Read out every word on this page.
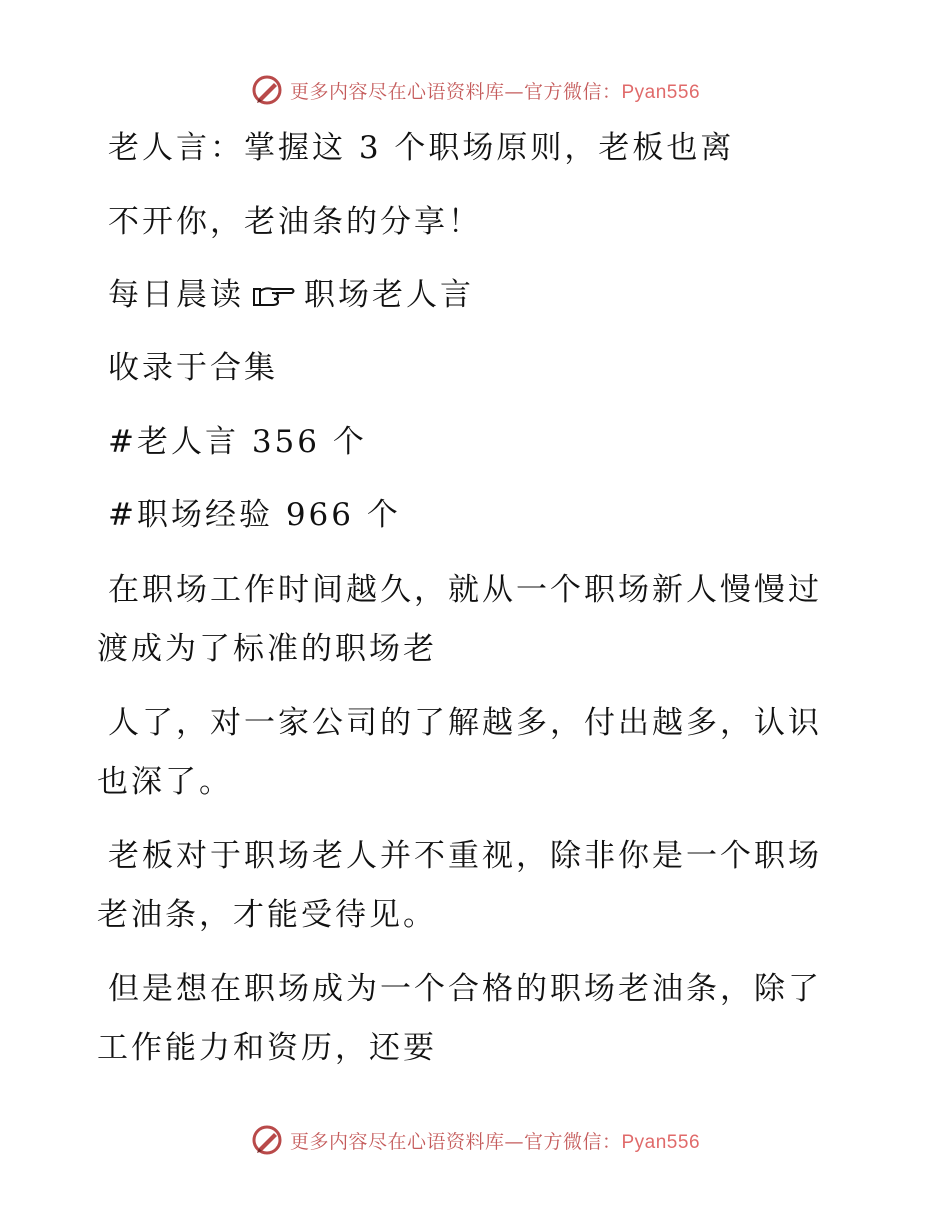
更多内容尽在心语资料库—官方微信：Pyan556
老人言：掌握这 3 个职场原则，老板也离
不开你，老油条的分享！
每日晨读 职场老人言
收录于合集
#老人言 356 个
#职场经验 966 个
在职场工作时间越久，就从一个职场新人慢慢过
渡成为了标准的职场老
人了，对一家公司的了解越多，付出越多，认识
也深了。
老板对于职场老人并不重视，除非你是一个职场
老油条，才能受待见。
但是想在职场成为一个合格的职场老油条，除了
工作能力和资历，还要
更多内容尽在心语资料库—官方微信：Pyan556
